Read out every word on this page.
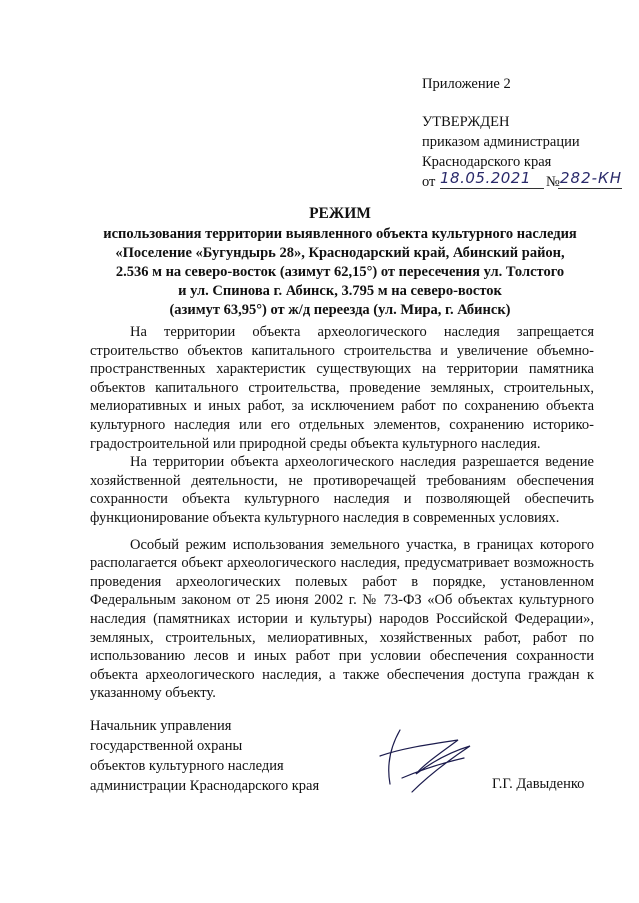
Приложение 2
УТВЕРЖДЕН
приказом администрации
Краснодарского края
от 18.05.2021 № 282-КН
РЕЖИМ
использования территории выявленного объекта культурного наследия
«Поселение «Бугундырь 28», Краснодарский край, Абинский район,
2.536 м на северо-восток (азимут 62,15°) от пересечения ул. Толстого
и ул. Спинова г. Абинск, 3.795 м на северо-восток
(азимут 63,95°) от ж/д переезда (ул. Мира, г. Абинск)

На территории объекта археологического наследия запрещается строительство объектов капитального строительства и увеличение объемно-пространственных характеристик существующих на территории памятника объектов капитального строительства, проведение земляных, строительных, мелиоративных и иных работ, за исключением работ по сохранению объекта культурного наследия или его отдельных элементов, сохранению историко-градостроительной или природной среды объекта культурного наследия.

На территории объекта археологического наследия разрешается ведение хозяйственной деятельности, не противоречащей требованиям обеспечения сохранности объекта культурного наследия и позволяющей обеспечить функционирование объекта культурного наследия в современных условиях.

Особый режим использования земельного участка, в границах которого располагается объект археологического наследия, предусматривает возможность проведения археологических полевых работ в порядке, установленном Федеральным законом от 25 июня 2002 г. № 73-ФЗ «Об объектах культурного наследия (памятниках истории и культуры) народов Российской Федерации», земляных, строительных, мелиоративных, хозяйственных работ, работ по использованию лесов и иных работ при условии обеспечения сохранности объекта археологического наследия, а также обеспечения доступа граждан к указанному объекту.

Начальник управления
государственной охраны
объектов культурного наследия
администрации Краснодарского края	Г.Г. Давыденко
